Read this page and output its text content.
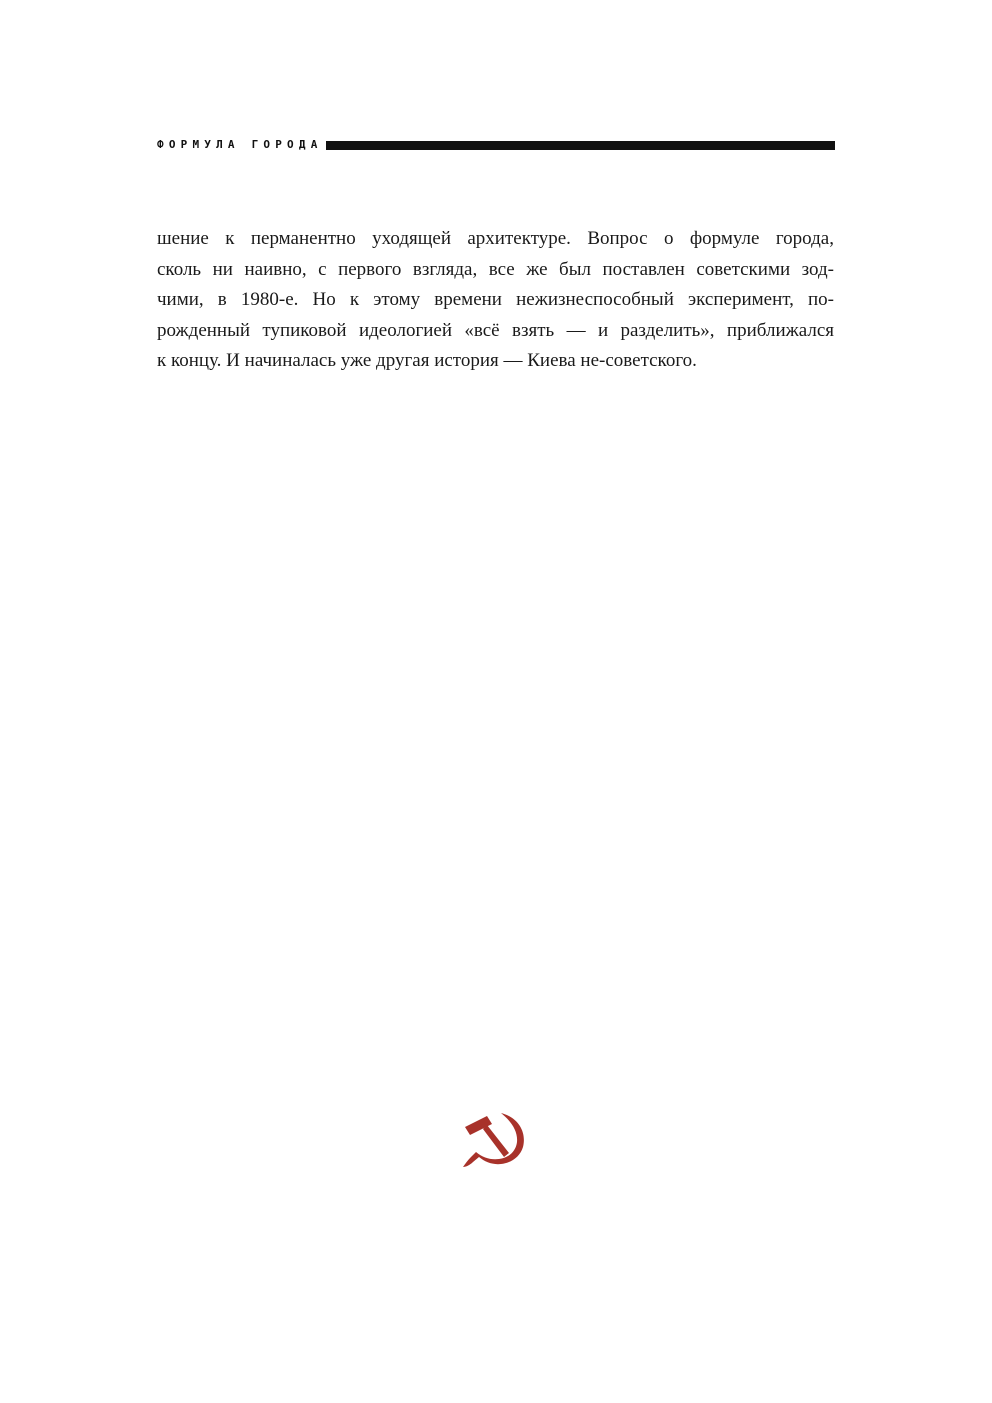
ФОРМУЛА ГОРОДА

шение к перманентно уходящей архитектуре. Вопрос о формуле города,
сколь ни наивно, с первого взгляда, все же был поставлен советскими зод-
чими, в 1980-е. Но к этому времени нежизнеспособный эксперимент, по-
рожденный тупиковой идеологией «всё взять — и разделить», приближался
к концу. И начиналась уже другая история — Киева не-советского.
